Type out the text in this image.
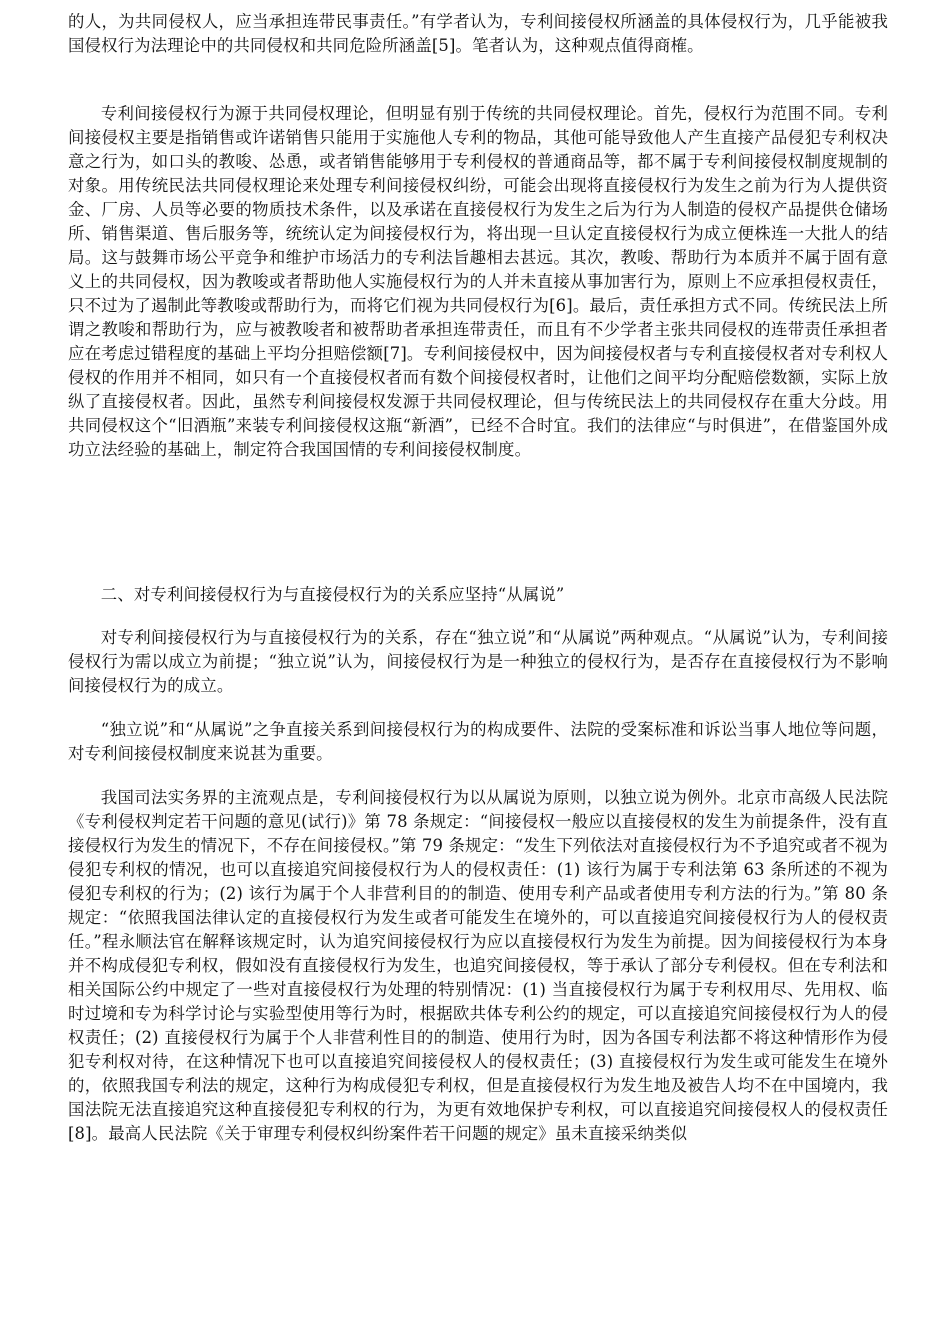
的人，为共同侵权人，应当承担连带民事责任。”有学者认为，专利间接侵权所涵盖的具体侵权行为，几乎能被我国侵权行为法理论中的共同侵权和共同危险所涵盖[5]。笔者认为，这种观点值得商榷。

专利间接侵权行为源于共同侵权理论，但明显有别于传统的共同侵权理论。首先，侵权行为范围不同。专利间接侵权主要是指销售或许诺销售只能用于实施他人专利的物品，其他可能导致他人产生直接产品侵犯专利权决意之行为，如口头的教唆、怂恿，或者销售能够用于专利侵权的普通商品等，都不属于专利间接侵权制度规制的对象。用传统民法共同侵权理论来处理专利间接侵权纠纷，可能会出现将直接侵权行为发生之前为行为人提供资金、厂房、人员等必要的物质技术条件，以及承诺在直接侵权行为发生之后为行为人制造的侵权产品提供仓储场所、销售渠道、售后服务等，统统认定为间接侵权行为，将出现一旦认定直接侵权行为成立便株连一大批人的结局。这与鼓舞市场公平竞争和维护市场活力的专利法旨趣相去甚远。其次，教唆、帮助行为本质并不属于固有意义上的共同侵权，因为教唆或者帮助他人实施侵权行为的人并未直接从事加害行为，原则上不应承担侵权责任，只不过为了遏制此等教唆或帮助行为，而将它们视为共同侵权行为[6]。最后，责任承担方式不同。传统民法上所谓之教唆和帮助行为，应与被教唆者和被帮助者承担连带责任，而且有不少学者主张共同侵权的连带责任承担者应在考虑过错程度的基础上平均分担赔偿额[7]。专利间接侵权中，因为间接侵权者与专利直接侵权者对专利权人侵权的作用并不相同，如只有一个直接侵权者而有数个间接侵权者时，让他们之间平均分配赔偿数额，实际上放纵了直接侵权者。因此，虽然专利间接侵权发源于共同侵权理论，但与传统民法上的共同侵权存在重大分歧。用共同侵权这个“旧酒瓶”来装专利间接侵权这瓶“新酒”，已经不合时宜。我们的法律应“与时俱进”，在借鉴国外成功立法经验的基础上，制定符合我国国情的专利间接侵权制度。

二、对专利间接侵权行为与直接侵权行为的关系应坚持“从属说”

对专利间接侵权行为与直接侵权行为的关系，存在“独立说”和“从属说”两种观点。“从属说”认为，专利间接侵权行为需以成立为前提；“独立说”认为，间接侵权行为是一种独立的侵权行为，是否存在直接侵权行为不影响间接侵权行为的成立。

“独立说”和“从属说”之争直接关系到间接侵权行为的构成要件、法院的受案标准和诉讼当事人地位等问题，对专利间接侵权制度来说甚为重要。

我国司法实务界的主流观点是，专利间接侵权行为以从属说为原则，以独立说为例外。北京市高级人民法院《专利侵权判定若干问题的意见(试行)》第 78 条规定：“间接侵权一般应以直接侵权的发生为前提条件，没有直接侵权行为发生的情况下，不存在间接侵权。”第 79 条规定：“发生下列依法对直接侵权行为不予追究或者不视为侵犯专利权的情况，也可以直接追究间接侵权行为人的侵权责任：(1) 该行为属于专利法第 63 条所述的不视为侵犯专利权的行为；(2) 该行为属于个人非营利目的的制造、使用专利产品或者使用专利方法的行为。”第 80 条规定：“依照我国法律认定的直接侵权行为发生或者可能发生在境外的，可以直接追究间接侵权行为人的侵权责任。”程永顺法官在解释该规定时，认为追究间接侵权行为应以直接侵权行为发生为前提。因为间接侵权行为本身并不构成侵犯专利权，假如没有直接侵权行为发生，也追究间接侵权，等于承认了部分专利侵权。但在专利法和相关国际公约中规定了一些对直接侵权行为处理的特别情况：(1) 当直接侵权行为属于专利权用尽、先用权、临时过境和专为科学讨论与实验型使用等行为时，根据欧共体专利公约的规定，可以直接追究间接侵权行为人的侵权责任；(2) 直接侵权行为属于个人非营利性目的的制造、使用行为时，因为各国专利法都不将这种情形作为侵犯专利权对待，在这种情况下也可以直接追究间接侵权人的侵权责任；(3) 直接侵权行为发生或可能发生在境外的，依照我国专利法的规定，这种行为构成侵犯专利权，但是直接侵权行为发生地及被告人均不在中国境内，我国法院无法直接追究这种直接侵犯专利权的行为，为更有效地保护专利权，可以直接追究间接侵权人的侵权责任[8]。最高人民法院《关于审理专利侵权纠纷案件若干问题的规定》虽未直接采纳类似
